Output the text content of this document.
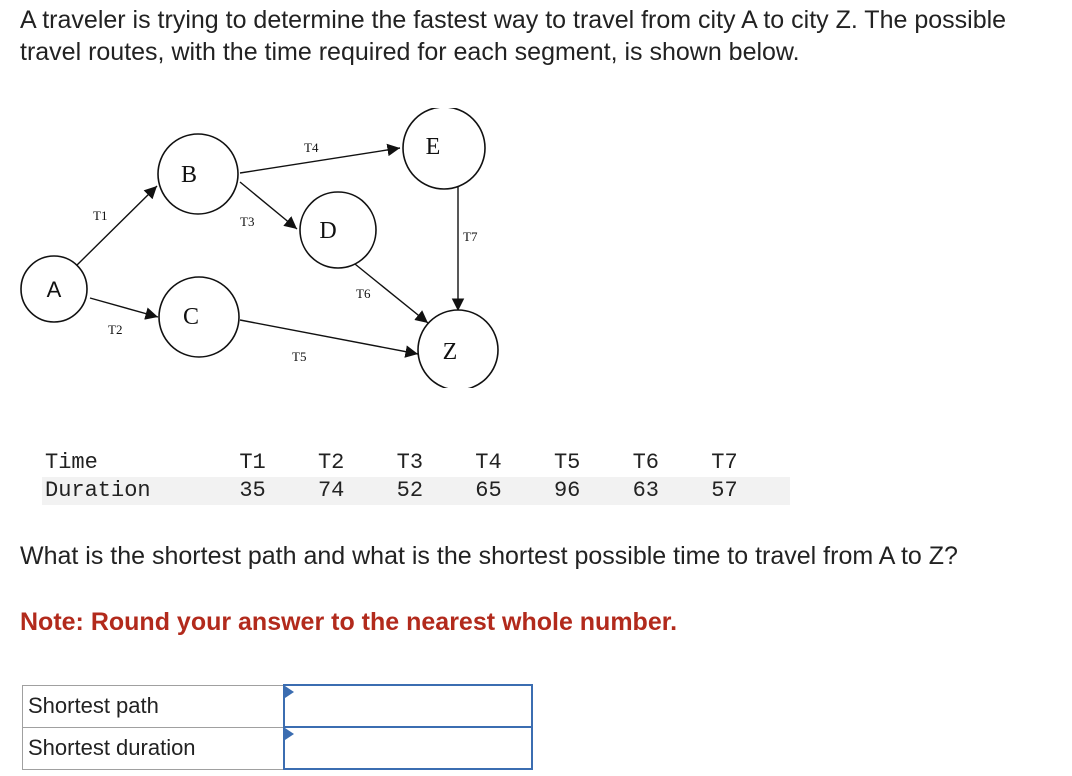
A traveler is trying to determine the fastest way to travel from city A to city Z. The possible travel routes, with the time required for each segment, is shown below.

T1
T2
T3
T4
T5
T6
T7
A
B
C
D
E
Z
Time	T1	T2	T3	T4	T5	T6	T7
Duration	35	74	52	65	96	63	57

What is the shortest path and what is the shortest possible time to travel from A to Z?

Note: Round your answer to the nearest whole number.

Shortest path	

Shortest duration	
